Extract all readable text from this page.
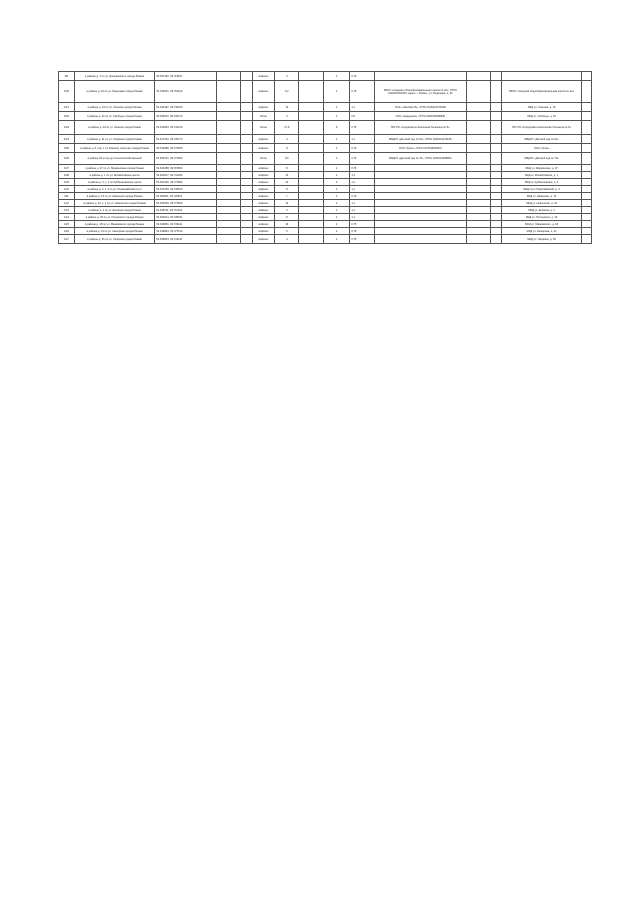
99	в районе д. 1 по ул. Дзержинского города Рязани	54.637192, 39.716547			асфальт	4		1	0,75					
100	в районе д. 26 по ул. Радищева города Рязани	54.633541, 39.754160			асфальт	5,2		1	0,75	МКОУ «Средняя общеобразовательная школа № 22», ОГРН 1026201264240, адрес: г. Рязань, ул. Радищева, д. 26			МБОУ «Средняя общеобразовательная школа № 22»	
101	в районе д. 15 по ул. Чкалова города Рязани	54.631397, 39.746225			асфальт	12		1	1,1	ТСЖ «Чкалова 15», ОГРН 1026201078190			МКД ул. Чкалова, д. 15	
102	в районе д. 10 по ул. Свободы города Рязани	54.630372, 39.736273			бетон	4		1	0,6	ООО «Академия», ОГРН 1066234008990			МКД ул. Свободы, д. 10	
103	в районе д. 49 по ул. Ленина города Рязани	54.626994, 39.744149			бетон	17,6		6	0,75	ГБУ РО «Городская клиническая больница № 5»			ГБУ РО «Городская клиническая больница № 5»	
104	в районе д. 91 по ул. Гагарина города Рязани	54.617252, 39.739773			асфальт	4		1	1,1	МБДОУ «Детский сад № 91», ОГРН 1026201270108			МБДОУ «Детский сад № 91»	
105	в районе д. 5, кор. 1 по Южному переулку города Рязани	54.619486, 39.775935			асфальт	8		1	0,75	ООО «Трио», ОГРН 1176234000974			ООО «Трио»	
106	в районе 29 по пр-ду Сельскохозяйственный	54.660731, 39.774839			бетон	5,6		1	0,75	МБДОУ «Детский сад № 79», ОГРН 1026201268800			МБДОУ «Детский сад № 79»	
107	в районе д. 27 по ул. Мервинская города Рязани	54.621688, 39.715654			асфальт	8		1	0,75				МКД ул. Мервинская, д. 27	
108	в районе д. 1 по ул. Михайловское шоссе	54.603617, 39.741393			асфальт	10		1	1,1				МКД ш. Михайловское, д. 1	
109	в районе д. 4, к. 1 по Куйбышевскому шоссе	54.621426, 39.773836			асфальт	10		2	1,1				МКД ш. Куйбышевское, д. 4	
110	в районе д. 4, к. 2 по ул. Первомайский пр-кт	54.617245, 39.738513			асфальт	8		1	1,1				МКД пр-кт Первомайский, д. 4	
111	в районе д. 13 по ул. Шевченко города Рязани	54.630611, 39.729541			асфальт	7		1	0,75				МКД ул. Шевченко, д. 13	
112	в районе д. 22, к. 1 по ул. Новоселов города Рязани	54.624525, 39.773640			асфальт	12		2	1,1				МКД ул. Новоселов, д. 22	
113	в районе д. 2 по ул. Есенина города Рязани	54.628711, 39.741234			асфальт	4		1	1,1				МКД ул. Есенина, д. 2	
114	в районе д. 40 по ул. Полонского города Рязани	54.629214, 39.728331			асфальт	8		1	1,1				МКД ул. Полонского, д. 40	
115	в районе д. 18 по ул. Маяковского города Рязани	54.616891, 39.739411			асфальт	16		2	0,75				МКД ул. Маяковского, д. 18	
116	в районе д. 21 по ул. Каширина города Рязани	54.618923, 39.727514			асфальт	5		1	0,75				МКД ул. Каширина, д. 21	
117	в районе д. 35 по ул. Гагарина города Рязани	54.625834, 39.734211			асфальт	4		1	0,75				МКД ул. Гагарина, д. 35	
